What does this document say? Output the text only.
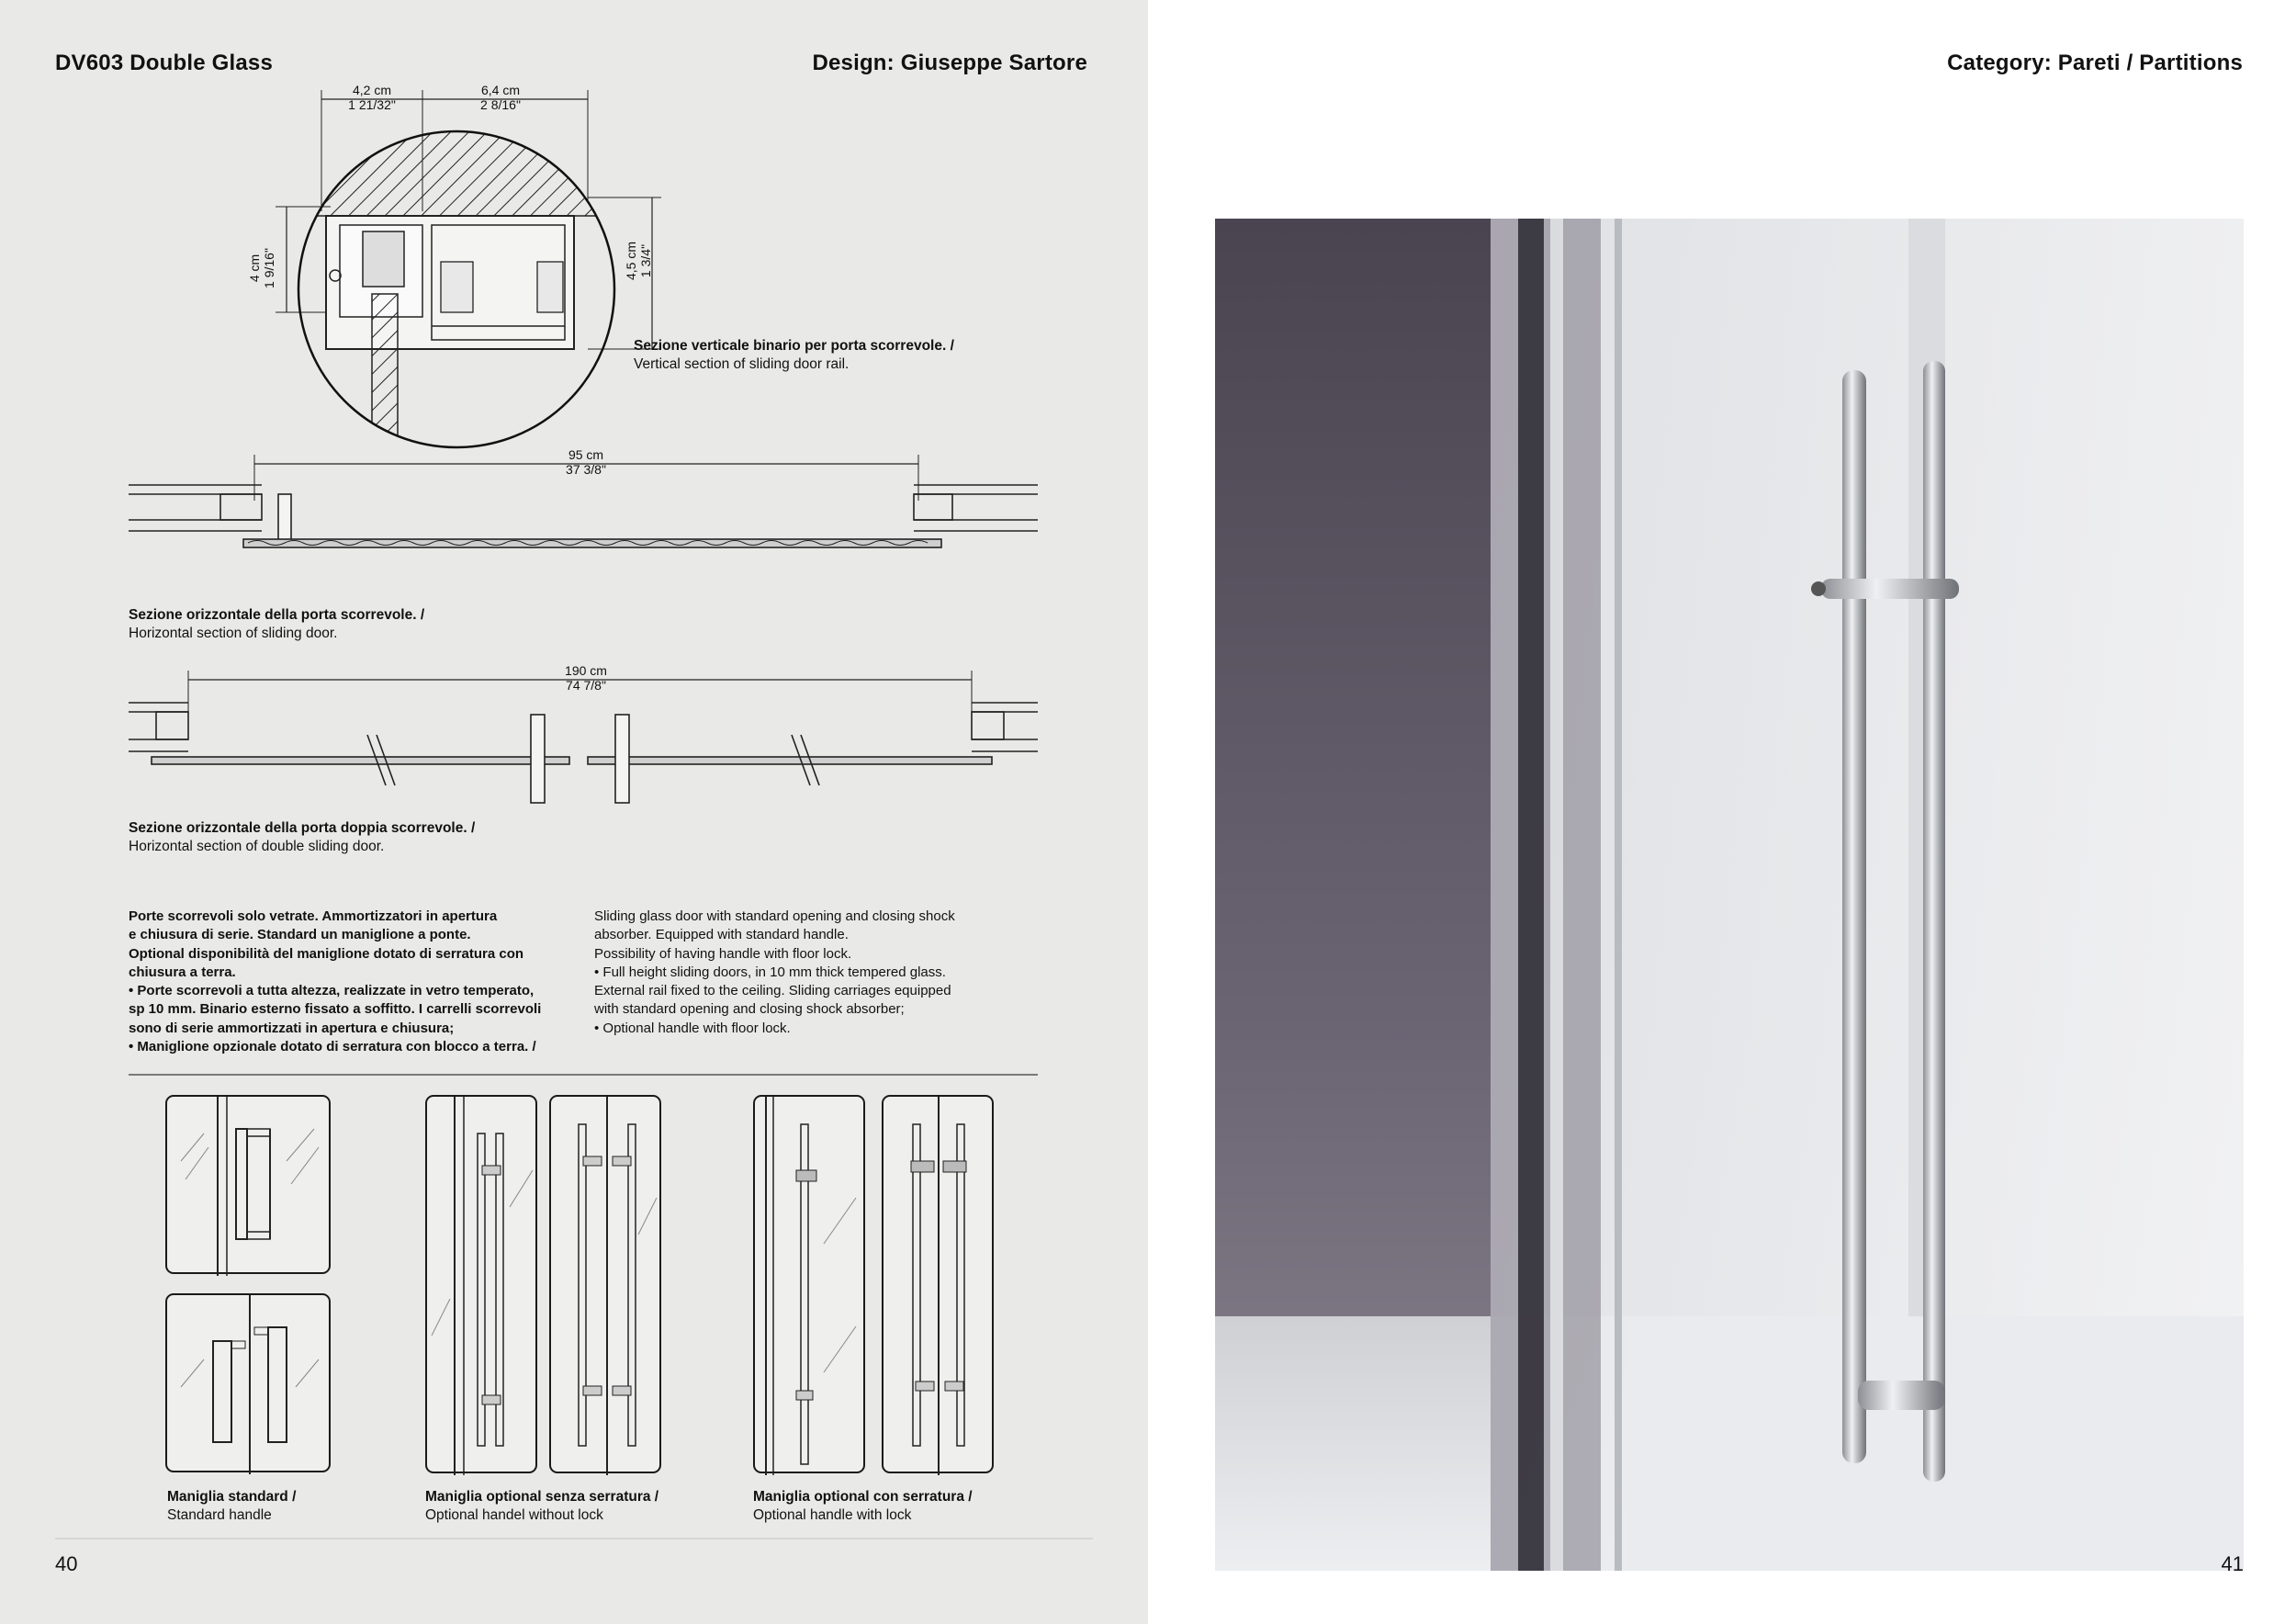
DV603 Double Glass	Design: Giuseppe Sartore
4,2 cm
1 21/32"
6,4 cm
2 8/16"
4 cm 1 9/16"	4,5 cm 1 3/4"
Sezione verticale binario per porta scorrevole. /
Vertical section of sliding door rail.
95 cm
37 3/8"
Sezione orizzontale della porta scorrevole. /
Horizontal section of sliding door.
190 cm
74 7/8"
Sezione orizzontale della porta doppia scorrevole. /
Horizontal section of double sliding door.
Porte scorrevoli solo vetrate. Ammortizzatori in apertura
e chiusura di serie. Standard un maniglione a ponte.
Optional disponibilità del maniglione dotato di serratura con
chiusura a terra.
• Porte scorrevoli a tutta altezza, realizzate in vetro temperato,
sp 10 mm. Binario esterno fissato a soffitto. I carrelli scorrevoli
sono di serie ammortizzati in apertura e chiusura;
• Maniglione opzionale dotato di serratura con blocco a terra. /
Sliding glass door with standard opening and closing shock
absorber. Equipped with standard handle.
Possibility of having handle with floor lock.
• Full height sliding doors, in 10 mm thick tempered glass.
External rail fixed to the ceiling. Sliding carriages equipped
with standard opening and closing shock absorber;
• Optional handle with floor lock.
Maniglia standard /
Standard handle
Maniglia optional senza serratura /
Optional handel without lock
Maniglia optional con serratura /
Optional handle with lock
40
Category: Pareti / Partitions
41
